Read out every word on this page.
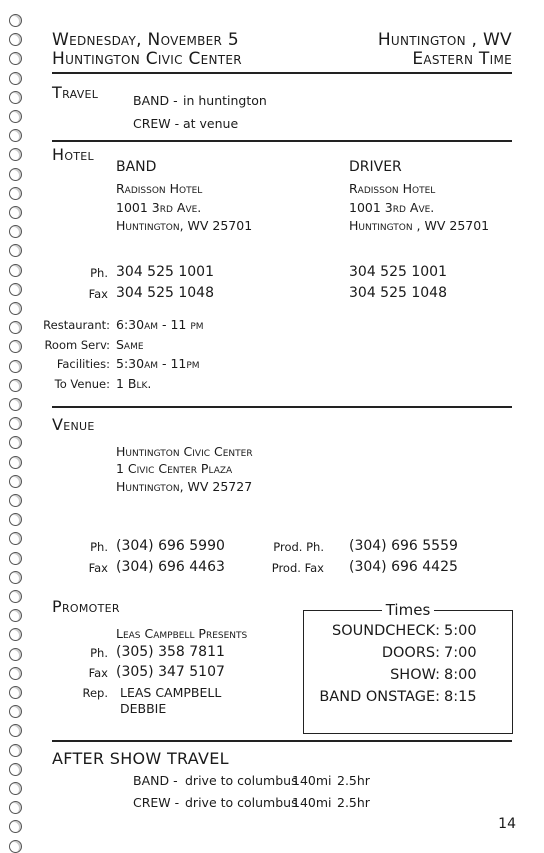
Wednesday, November 5
Huntington Civic Center
Huntington , WV
Eastern Time
Travel	BAND - in huntington
CREW - at venue
Hotel
BAND
Radisson Hotel
1001 3rd Ave.
Huntington, WV 25701
DRIVER
Radisson Hotel
1001 3rd Ave.
Huntington , WV 25701
Ph.
Fax
304 525 1001
304 525 1048
304 525 1001
304 525 1048
Restaurant: 6:30am - 11 pm
Room Serv: Same
Facilities: 5:30am - 11pm
To Venue: 1 Blk.
Venue
Huntington Civic Center
1 Civic Center Plaza
Huntington, WV 25727
Ph. (304) 696 5990
Fax (304) 696 4463
Prod. Ph. (304) 696 5559
Prod. Fax (304) 696 4425
Promoter
Leas Campbell Presents
Ph. (305) 358 7811
Fax (305) 347 5107
Rep. LEAS CAMPBELL
DEBBIE
Times
SOUNDCHECK: 5:00
DOORS: 7:00
SHOW: 8:00
BAND ONSTAGE: 8:15
AFTER SHOW TRAVEL
BAND - drive to columbus
140mi 2.5hr
CREW - drive to columbus
140mi 2.5hr
14
